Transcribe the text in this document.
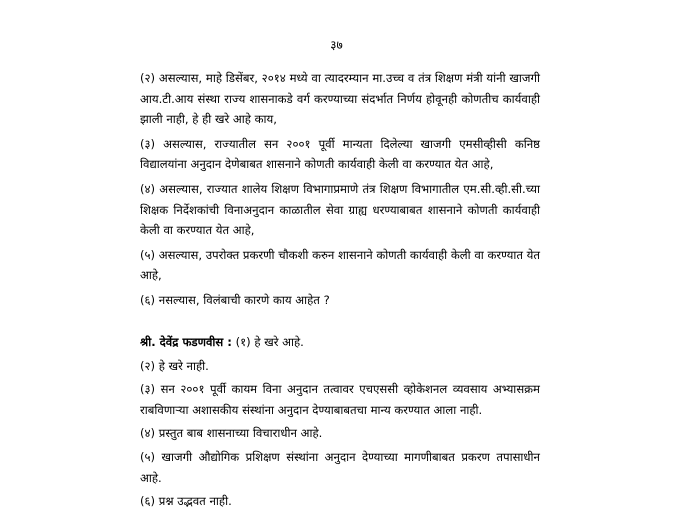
३७

(२) असल्यास, माहे डिसेंबर, २०१४ मध्ये वा त्यादरम्यान मा.उच्च व तंत्र शिक्षण मंत्री यांनी खाजगी आय.टी.आय संस्था राज्य शासनाकडे वर्ग करण्याच्या संदर्भात निर्णय होवूनही कोणतीच कार्यवाही झाली नाही, हे ही खरे आहे काय,

(३) असल्यास, राज्यातील सन २००१ पूर्वी मान्यता दिलेल्या खाजगी एमसीव्हीसी कनिष्ठ विद्यालयांना अनुदान देणेबाबत शासनाने कोणती कार्यवाही केली वा करण्यात येत आहे,

(४) असल्यास, राज्यात शालेय शिक्षण विभागाप्रमाणे तंत्र शिक्षण विभागातील एम.सी.व्ही.सी.च्या शिक्षक निर्देशकांची विनाअनुदान काळातील सेवा ग्राह्य धरण्याबाबत शासनाने कोणती कार्यवाही केली वा करण्यात येत आहे,

(५) असल्यास, उपरोक्त प्रकरणी चौकशी करुन शासनाने कोणती कार्यवाही केली वा करण्यात येत आहे,

(६) नसल्यास, विलंबाची कारणे काय आहेत ?

श्री. देवेंद्र फडणवीस : (१) हे खरे आहे.

(२) हे खरे नाही.

(३) सन २००१ पूर्वी कायम विना अनुदान तत्वावर एचएससी व्होकेशनल व्यवसाय अभ्यासक्रम राबविणाऱ्या अशासकीय संस्थांना अनुदान देण्याबाबतचा मान्य करण्यात आला नाही.

(४) प्रस्तुत बाब शासनाच्या विचाराधीन आहे.

(५) खाजगी औद्योगिक प्रशिक्षण संस्थांना अनुदान देण्याच्या मागणीबाबत प्रकरण तपासाधीन आहे.

(६) प्रश्न उद्भवत नाही.
